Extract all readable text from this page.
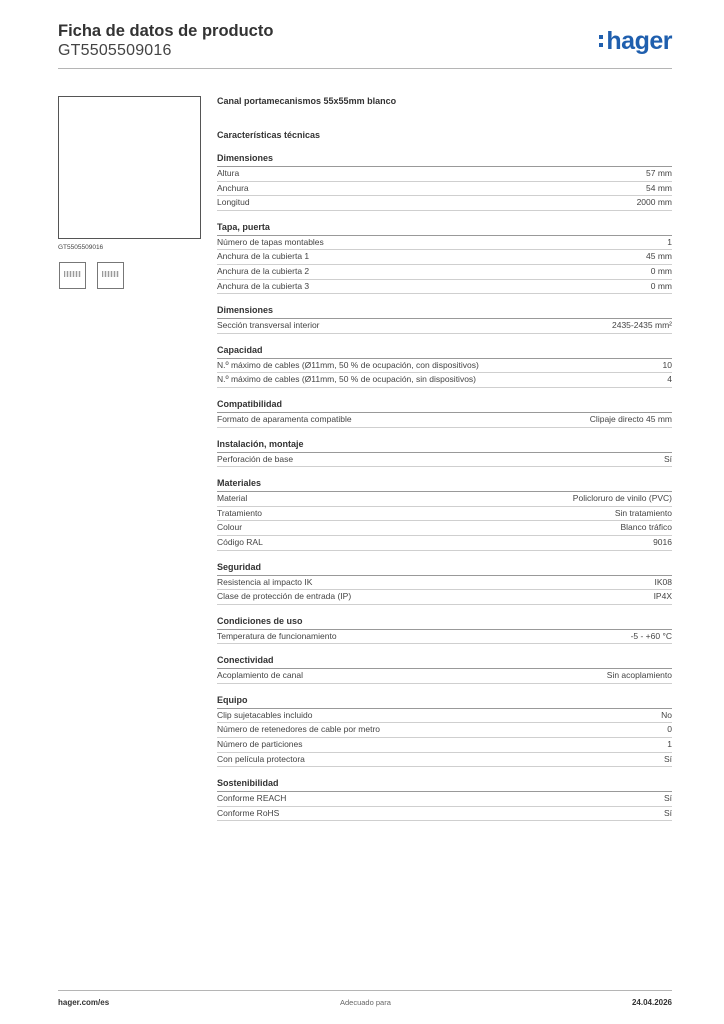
Ficha de datos de producto
GT5505509016	hager
GT5505509016
Canal portamecanismos 55x55mm blanco
Características técnicas
Dimensiones
Altura	57 mm
Anchura	54 mm
Longitud	2000 mm
Tapa, puerta
Número de tapas montables	1
Anchura de la cubierta 1	45 mm
Anchura de la cubierta 2	0 mm
Anchura de la cubierta 3	0 mm
Dimensiones
Sección transversal interior	2435-2435 mm²
Capacidad
N.º máximo de cables (Ø11mm, 50 % de ocupación, con dispositivos)	10
N.º máximo de cables (Ø11mm, 50 % de ocupación, sin dispositivos)	4
Compatibilidad
Formato de aparamenta compatible	Clipaje directo 45 mm
Instalación, montaje
Perforación de base	Sí
Materiales
Material	Policloruro de vinilo (PVC)
Tratamiento	Sin tratamiento
Colour	Blanco tráfico
Código RAL	9016
Seguridad
Resistencia al impacto IK	IK08
Clase de protección de entrada (IP)	IP4X
Condiciones de uso
Temperatura de funcionamiento	-5 - +60 °C
Conectividad
Acoplamiento de canal	Sin acoplamiento
Equipo
Clip sujetacables incluido	No
Número de retenedores de cable por metro	0
Número de particiones	1
Con película protectora	Sí
Sostenibilidad
Conforme REACH	Sí
Conforme RoHS	Sí
hager.com/es	Adecuado para	24.04.2026
